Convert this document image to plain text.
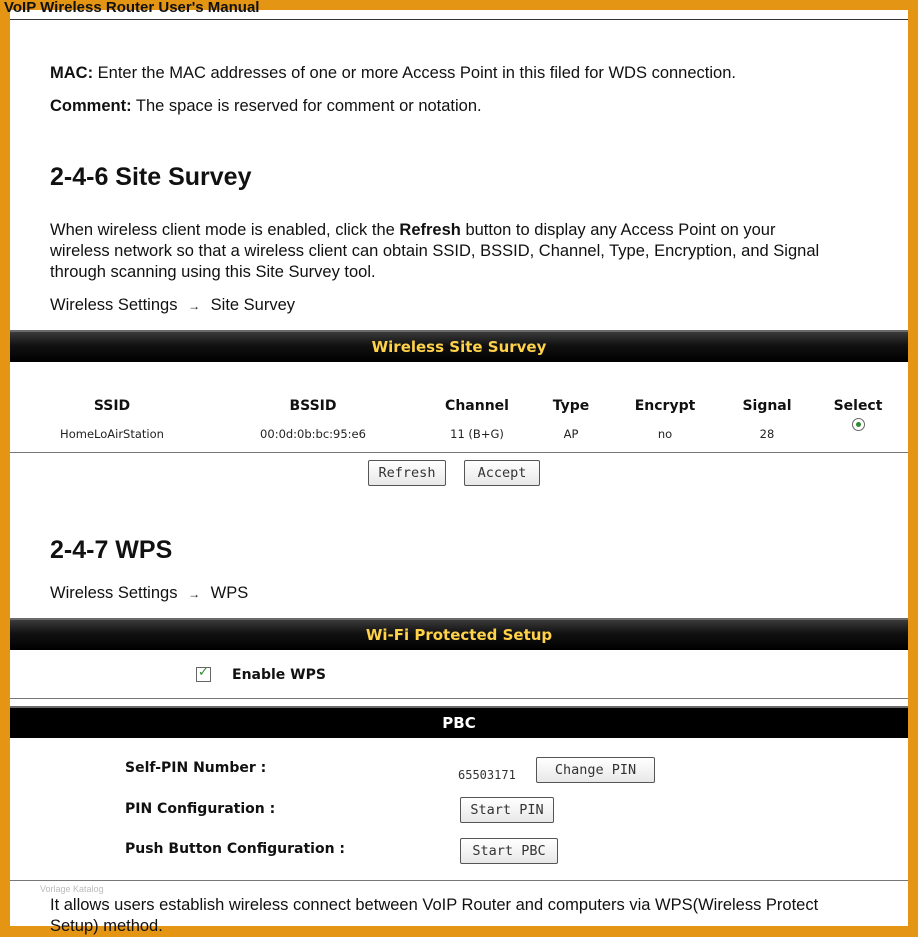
VoIP Wireless Router User's Manual
MAC: Enter the MAC addresses of one or more Access Point in this filed for WDS connection.
Comment: The space is reserved for comment or notation.
2-4-6 Site Survey
When wireless client mode is enabled, click the Refresh button to display any Access Point on your
wireless network so that a wireless client can obtain SSID, BSSID, Channel, Type, Encryption, and Signal
through scanning using this Site Survey tool.
Wireless Settings → Site Survey
Wireless Site Survey
SSID	BSSID	Channel	Type	Encrypt	Signal	Select
HomeLoAirStation	00:0d:0b:bc:95:e6	11 (B+G)	AP	no	28
Refresh	Accept
2-4-7 WPS
Wireless Settings → WPS
Wi-Fi Protected Setup
✓ Enable WPS
PBC
Self-PIN Number :	65503171	Change PIN
PIN Configuration :	Start PIN
Push Button Configuration :	Start PBC
Vorlage Katalog
It allows users establish wireless connect between VoIP Router and computers via WPS(Wireless Protect
Setup) method.
